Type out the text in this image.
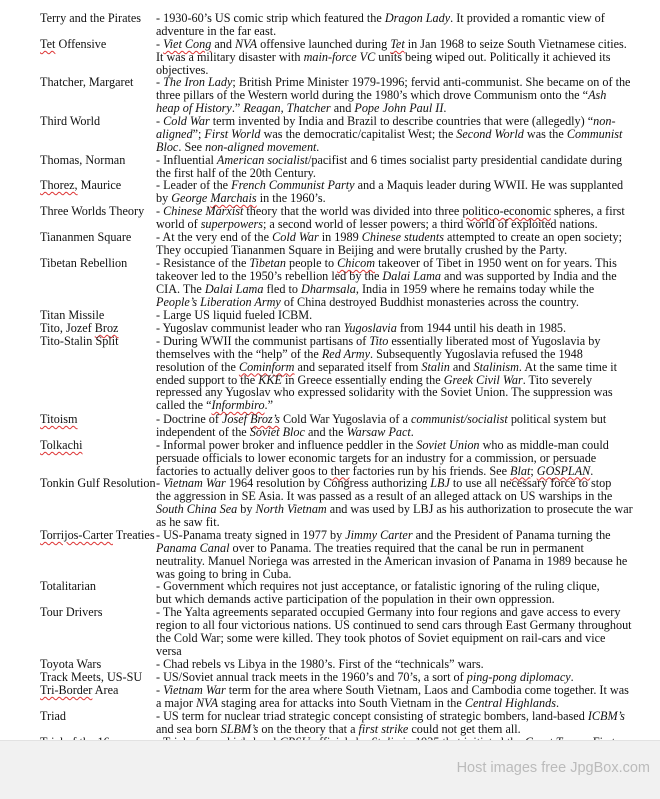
Terry and the Pirates	- 1930-60’s US comic strip which featured the Dragon Lady. It provided a romantic view of
adventure in the far east.
Tet Offensive	- Viet Cong and NVA offensive launched during Tet in Jan 1968 to seize South Vietnamese cities.
It was a military disaster with main-force VC units being wiped out. Politically it achieved its
objectives.
Thatcher, Margaret	- The Iron Lady; British Prime Minister 1979-1996; fervid anti-communist. She became on of the
three pillars of the Western world during the 1980’s which drove Communism onto the “Ash
heap of History.” Reagan, Thatcher and Pope John Paul II.
Third World	- Cold War term invented by India and Brazil to describe countries that were (allegedly) “non-
aligned”; First World was the democratic/capitalist West; the Second World was the Communist
Bloc. See non-aligned movement.
Thomas, Norman	- Influential American socialist/pacifist and 6 times socialist party presidential candidate during
the first half of the 20th Century.
Thorez, Maurice	- Leader of the French Communist Party and a Maquis leader during WWII. He was supplanted
by George Marchais in the 1960’s.
Three Worlds Theory - Chinese Marxist theory that the world was divided into three politico-economic spheres, a first
world of superpowers; a second world of lesser powers; a third world of exploited nations.
Tiananmen Square	- At the very end of the Cold War in 1989 Chinese students attempted to create an open society;
They occupied Tiananmen Square in Beijing and were brutally crushed by the Party.
Tibetan Rebellion	- Resistance of the Tibetan people to Chicom takeover of Tibet in 1950 went on for years. This
takeover led to the 1950’s rebellion led by the Dalai Lama and was supported by India and the
CIA. The Dalai Lama fled to Dharmsala, India in 1959 where he remains today while the
People’s Liberation Army of China destroyed Buddhist monasteries across the country.
Titan Missile	- Large US liquid fueled ICBM.
Tito, Jozef Broz	- Yugoslav communist leader who ran Yugoslavia from 1944 until his death in 1985.
Tito-Stalin Split	- During WWII the communist partisans of Tito essentially liberated most of Yugoslavia by
themselves with the “help” of the Red Army. Subsequently Yugoslavia refused the 1948
resolution of the Cominform and separated itself from Stalin and Stalinism. At the same time it
ended support to the KKE in Greece essentially ending the Greek Civil War. Tito severely
repressed any Yugoslav who expressed solidarity with the Soviet Union. The suppression was
called the “Informbiro.”
Titoism	- Doctrine of Josef Broz’s Cold War Yugoslavia of a communist/socialist political system but
independent of the Soviet Bloc and the Warsaw Pact.
Tolkachi	- Informal power broker and influence peddler in the Soviet Union who as middle-man could
persuade officials to lower economic targets for an industry for a commission, or persuade
factories to actually deliver goos to ther factories run by his friends. See Blat; GOSPLAN.
Tonkin Gulf Resolution - Vietnam War 1964 resolution by Congress authorizing LBJ to use all necessary force to stop
the aggression in SE Asia. It was passed as a result of an alleged attack on US warships in the
South China Sea by North Vietnam and was used by LBJ as his authorization to prosecute the war
as he saw fit.
Torrijos-Carter Treaties - US-Panama treaty signed in 1977 by Jimmy Carter and the President of Panama turning the
Panama Canal over to Panama. The treaties required that the canal be run in permanent
neutrality. Manuel Noriega was arrested in the American invasion of Panama in 1989 because he
was going to bring in Cuba.
Totalitarian	- Government which requires not just acceptance, or fatalistic ignoring of the ruling clique,
but which demands active participation of the population in their own oppression.
Tour Drivers	- The Yalta agreements separated occupied Germany into four regions and gave access to every
region to all four victorious nations. US continued to send cars through East Germany throughout
the Cold War; some were killed. They took photos of Soviet equipment on rail-cars and vice
versa
Toyota Wars	- Chad rebels vs Libya in the 1980’s. First of the “technicals” wars.
Track Meets, US-SU	- US/Soviet annual track meets in the 1960’s and 70’s, a sort of ping-pong diplomacy.
Tri-Border Area	- Vietnam War term for the area where South Vietnam, Laos and Cambodia come together. It was
a major NVA staging area for attacks into South Vietnam in the Central Highlands.
Triad	- US term for nuclear triad strategic concept consisting of strategic bombers, land-based ICBM’s
and sea born SLBM’s on the theory that a first strike could not get them all.
Host images free JpgBox.com
